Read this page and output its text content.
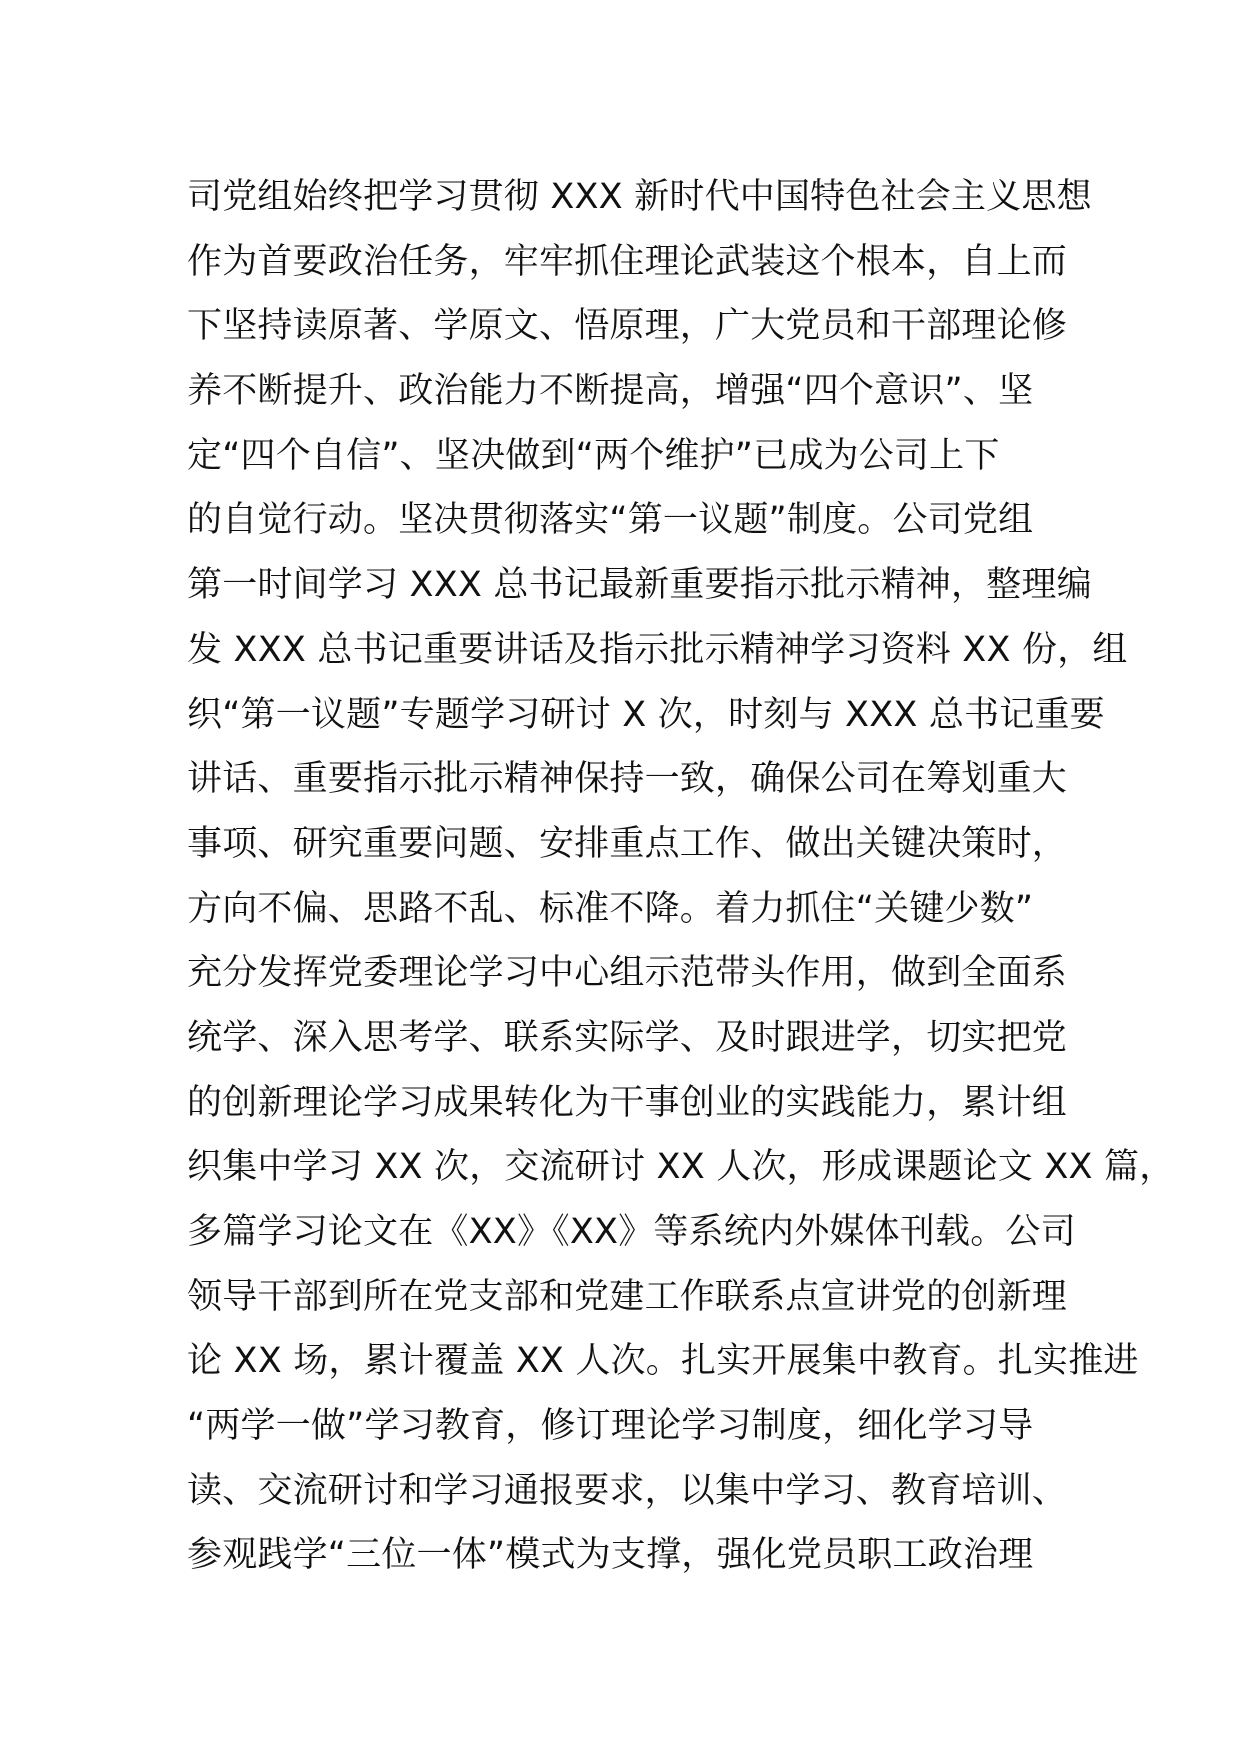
司党组始终把学习贯彻 XXX 新时代中国特色社会主义思想
作为首要政治任务，牢牢抓住理论武装这个根本，自上而
下坚持读原著、学原文、悟原理，广大党员和干部理论修
养不断提升、政治能力不断提高，增强“四个意识”、坚
定“四个自信”、坚决做到“两个维护”已成为公司上下
的自觉行动。坚决贯彻落实“第一议题”制度。公司党组
第一时间学习 XXX 总书记最新重要指示批示精神，整理编
发 XXX 总书记重要讲话及指示批示精神学习资料 XX 份，组
织“第一议题”专题学习研讨 X 次，时刻与 XXX 总书记重要
讲话、重要指示批示精神保持一致，确保公司在筹划重大
事项、研究重要问题、安排重点工作、做出关键决策时，
方向不偏、思路不乱、标准不降。着力抓住“关键少数”
充分发挥党委理论学习中心组示范带头作用，做到全面系
统学、深入思考学、联系实际学、及时跟进学，切实把党
的创新理论学习成果转化为干事创业的实践能力，累计组
织集中学习 XX 次，交流研讨 XX 人次，形成课题论文 XX 篇，
多篇学习论文在《XX》《XX》等系统内外媒体刊载。公司
领导干部到所在党支部和党建工作联系点宣讲党的创新理
论 XX 场，累计覆盖 XX 人次。扎实开展集中教育。扎实推进
“两学一做”学习教育，修订理论学习制度，细化学习导
读、交流研讨和学习通报要求，以集中学习、教育培训、
参观践学“三位一体”模式为支撑，强化党员职工政治理
